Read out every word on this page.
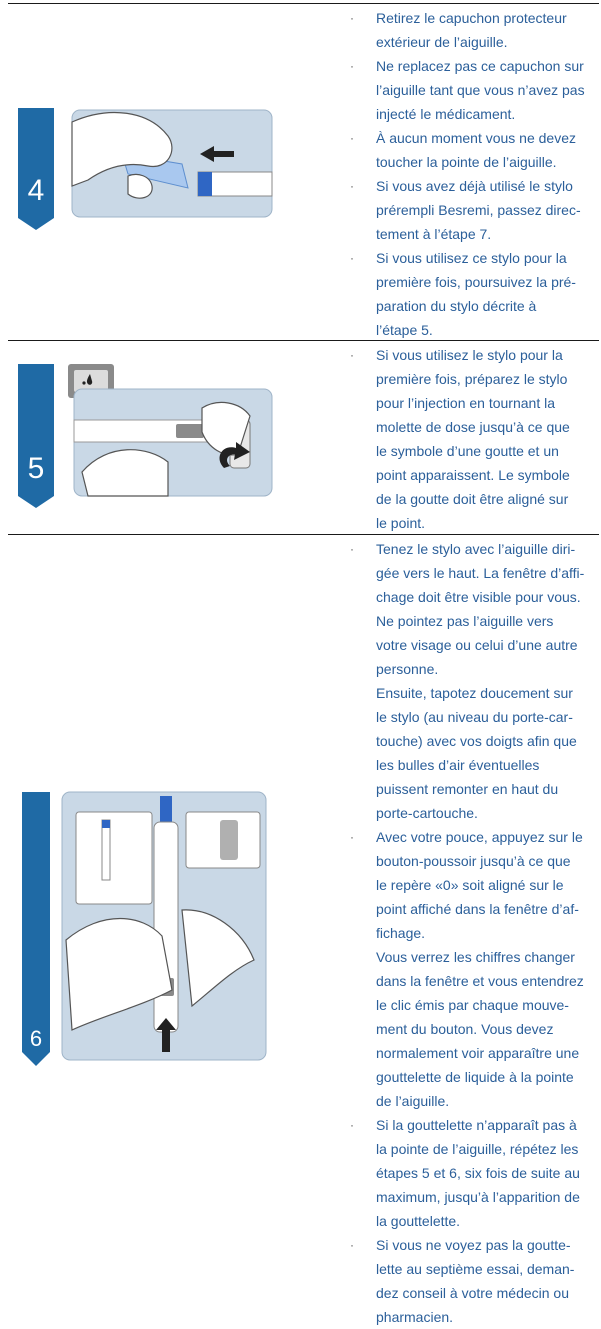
4
· Retirez le capuchon protecteur
extérieur de l’aiguille.
· Ne replacez pas ce capuchon sur
l’aiguille tant que vous n’avez pas
injecté le médicament.
· À aucun moment vous ne devez
toucher la pointe de l’aiguille.
· Si vous avez déjà utilisé le stylo
prérempli Besremi, passez direc-
tement à l’étape 7.
· Si vous utilisez ce stylo pour la
première fois, poursuivez la pré-
paration du stylo décrite à
l’étape 5.
5
· Si vous utilisez le stylo pour la
première fois, préparez le stylo
pour l’injection en tournant la
molette de dose jusqu’à ce que
le symbole d’une goutte et un
point apparaissent. Le symbole
de la goutte doit être aligné sur
le point.
6
· Tenez le stylo avec l’aiguille diri-
gée vers le haut. La fenêtre d’affi-
chage doit être visible pour vous.
Ne pointez pas l’aiguille vers
votre visage ou celui d’une autre
personne.
Ensuite, tapotez doucement sur
le stylo (au niveau du porte-car-
touche) avec vos doigts afin que
les bulles d’air éventuelles
puissent remonter en haut du
porte-cartouche.
· Avec votre pouce, appuyez sur le
bouton-poussoir jusqu’à ce que
le repère «0» soit aligné sur le
point affiché dans la fenêtre d’af-
fichage.
Vous verrez les chiffres changer
dans la fenêtre et vous entendrez
le clic émis par chaque mouve-
ment du bouton. Vous devez
normalement voir apparaître une
gouttelette de liquide à la pointe
de l’aiguille.
· Si la gouttelette n’apparaît pas à
la pointe de l’aiguille, répétez les
étapes 5 et 6, six fois de suite au
maximum, jusqu’à l’apparition de
la gouttelette.
· Si vous ne voyez pas la goutte-
lette au septième essai, deman-
dez conseil à votre médecin ou
pharmacien.
